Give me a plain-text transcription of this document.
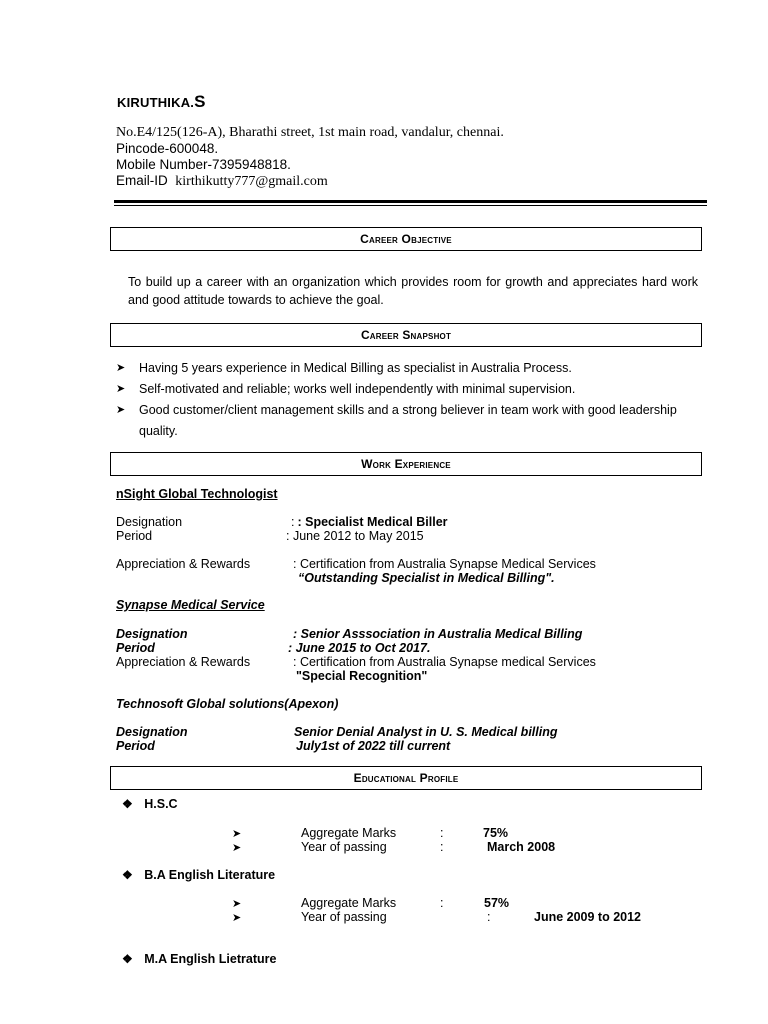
KIRUTHIKA.S
No.E4/125(126-A), Bharathi street, 1st main road, vandalur, chennai.
Pincode-600048.
Mobile Number-7395948818.
Email-ID kirthikutty777@gmail.com
Career Objective
To build up a career with an organization which provides room for growth and appreciates hard work and good attitude towards to achieve the goal.
Career Snapshot
➤ Having 5 years experience in Medical Billing as specialist in Australia Process.
➤ Self-motivated and reliable; works well independently with minimal supervision.
➤ Good customer/client management skills and a strong believer in team work with good leadership quality.
Work Experience
nSight Global Technologist
Designation	: : Specialist Medical Biller
Period	: June 2012 to May 2015
Appreciation & Rewards	: Certification from Australia Synapse Medical Services
“Outstanding Specialist in Medical Billing".
Synapse Medical Service
Designation	: Senior Asssociation in Australia Medical Billing
Period	: June 2015 to Oct 2017.
Appreciation & Rewards	: Certification from Australia Synapse medical Services
"Special Recognition"
Technosoft Global solutions(Apexon)
Designation	Senior Denial Analyst in U. S. Medical billing
Period	July1st of 2022 till current
Educational Profile
❖ H.S.C
➤	Aggregate Marks	:	75%
➤	Year of passing	:	March 2008
❖ B.A English Literature
➤	Aggregate Marks	:	57%
➤	Year of passing	:	June 2009 to 2012
❖ M.A English Lietrature
